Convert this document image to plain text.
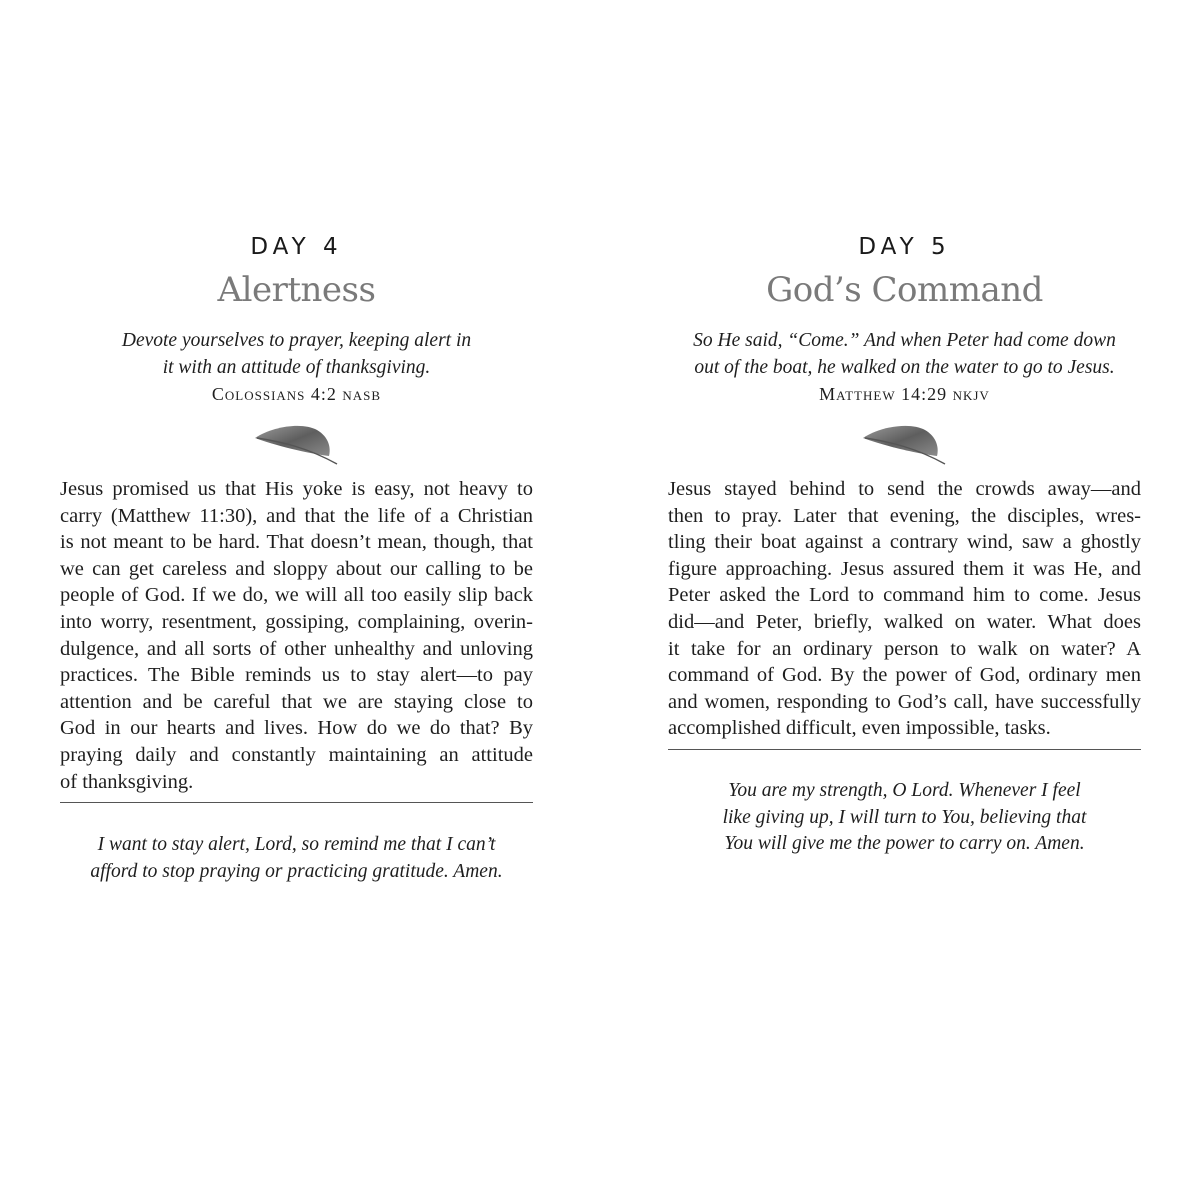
DAY 4
Alertness
Devote yourselves to prayer, keeping alert in
it with an attitude of thanksgiving.
Colossians 4:2 nasb
Jesus promised us that His yoke is easy, not heavy to
carry (Matthew 11:30), and that the life of a Christian
is not meant to be hard. That doesn’t mean, though, that
we can get careless and sloppy about our calling to be
people of God. If we do, we will all too easily slip back
into worry, resentment, gossiping, complaining, overin-
dulgence, and all sorts of other unhealthy and unloving
practices. The Bible reminds us to stay alert—to pay
attention and be careful that we are staying close to
God in our hearts and lives. How do we do that? By
praying daily and constantly maintaining an attitude
of thanksgiving.
I want to stay alert, Lord, so remind me that I can’t
afford to stop praying or practicing gratitude. Amen.
DAY 5
God’s Command
So He said, “Come.” And when Peter had come down
out of the boat, he walked on the water to go to Jesus.
Matthew 14:29 nkjv
Jesus stayed behind to send the crowds away—and
then to pray. Later that evening, the disciples, wres-
tling their boat against a contrary wind, saw a ghostly
figure approaching. Jesus assured them it was He, and
Peter asked the Lord to command him to come. Jesus
did—and Peter, briefly, walked on water. What does
it take for an ordinary person to walk on water? A
command of God. By the power of God, ordinary men
and women, responding to God’s call, have successfully
accomplished difficult, even impossible, tasks.
You are my strength, O Lord. Whenever I feel
like giving up, I will turn to You, believing that
You will give me the power to carry on. Amen.
